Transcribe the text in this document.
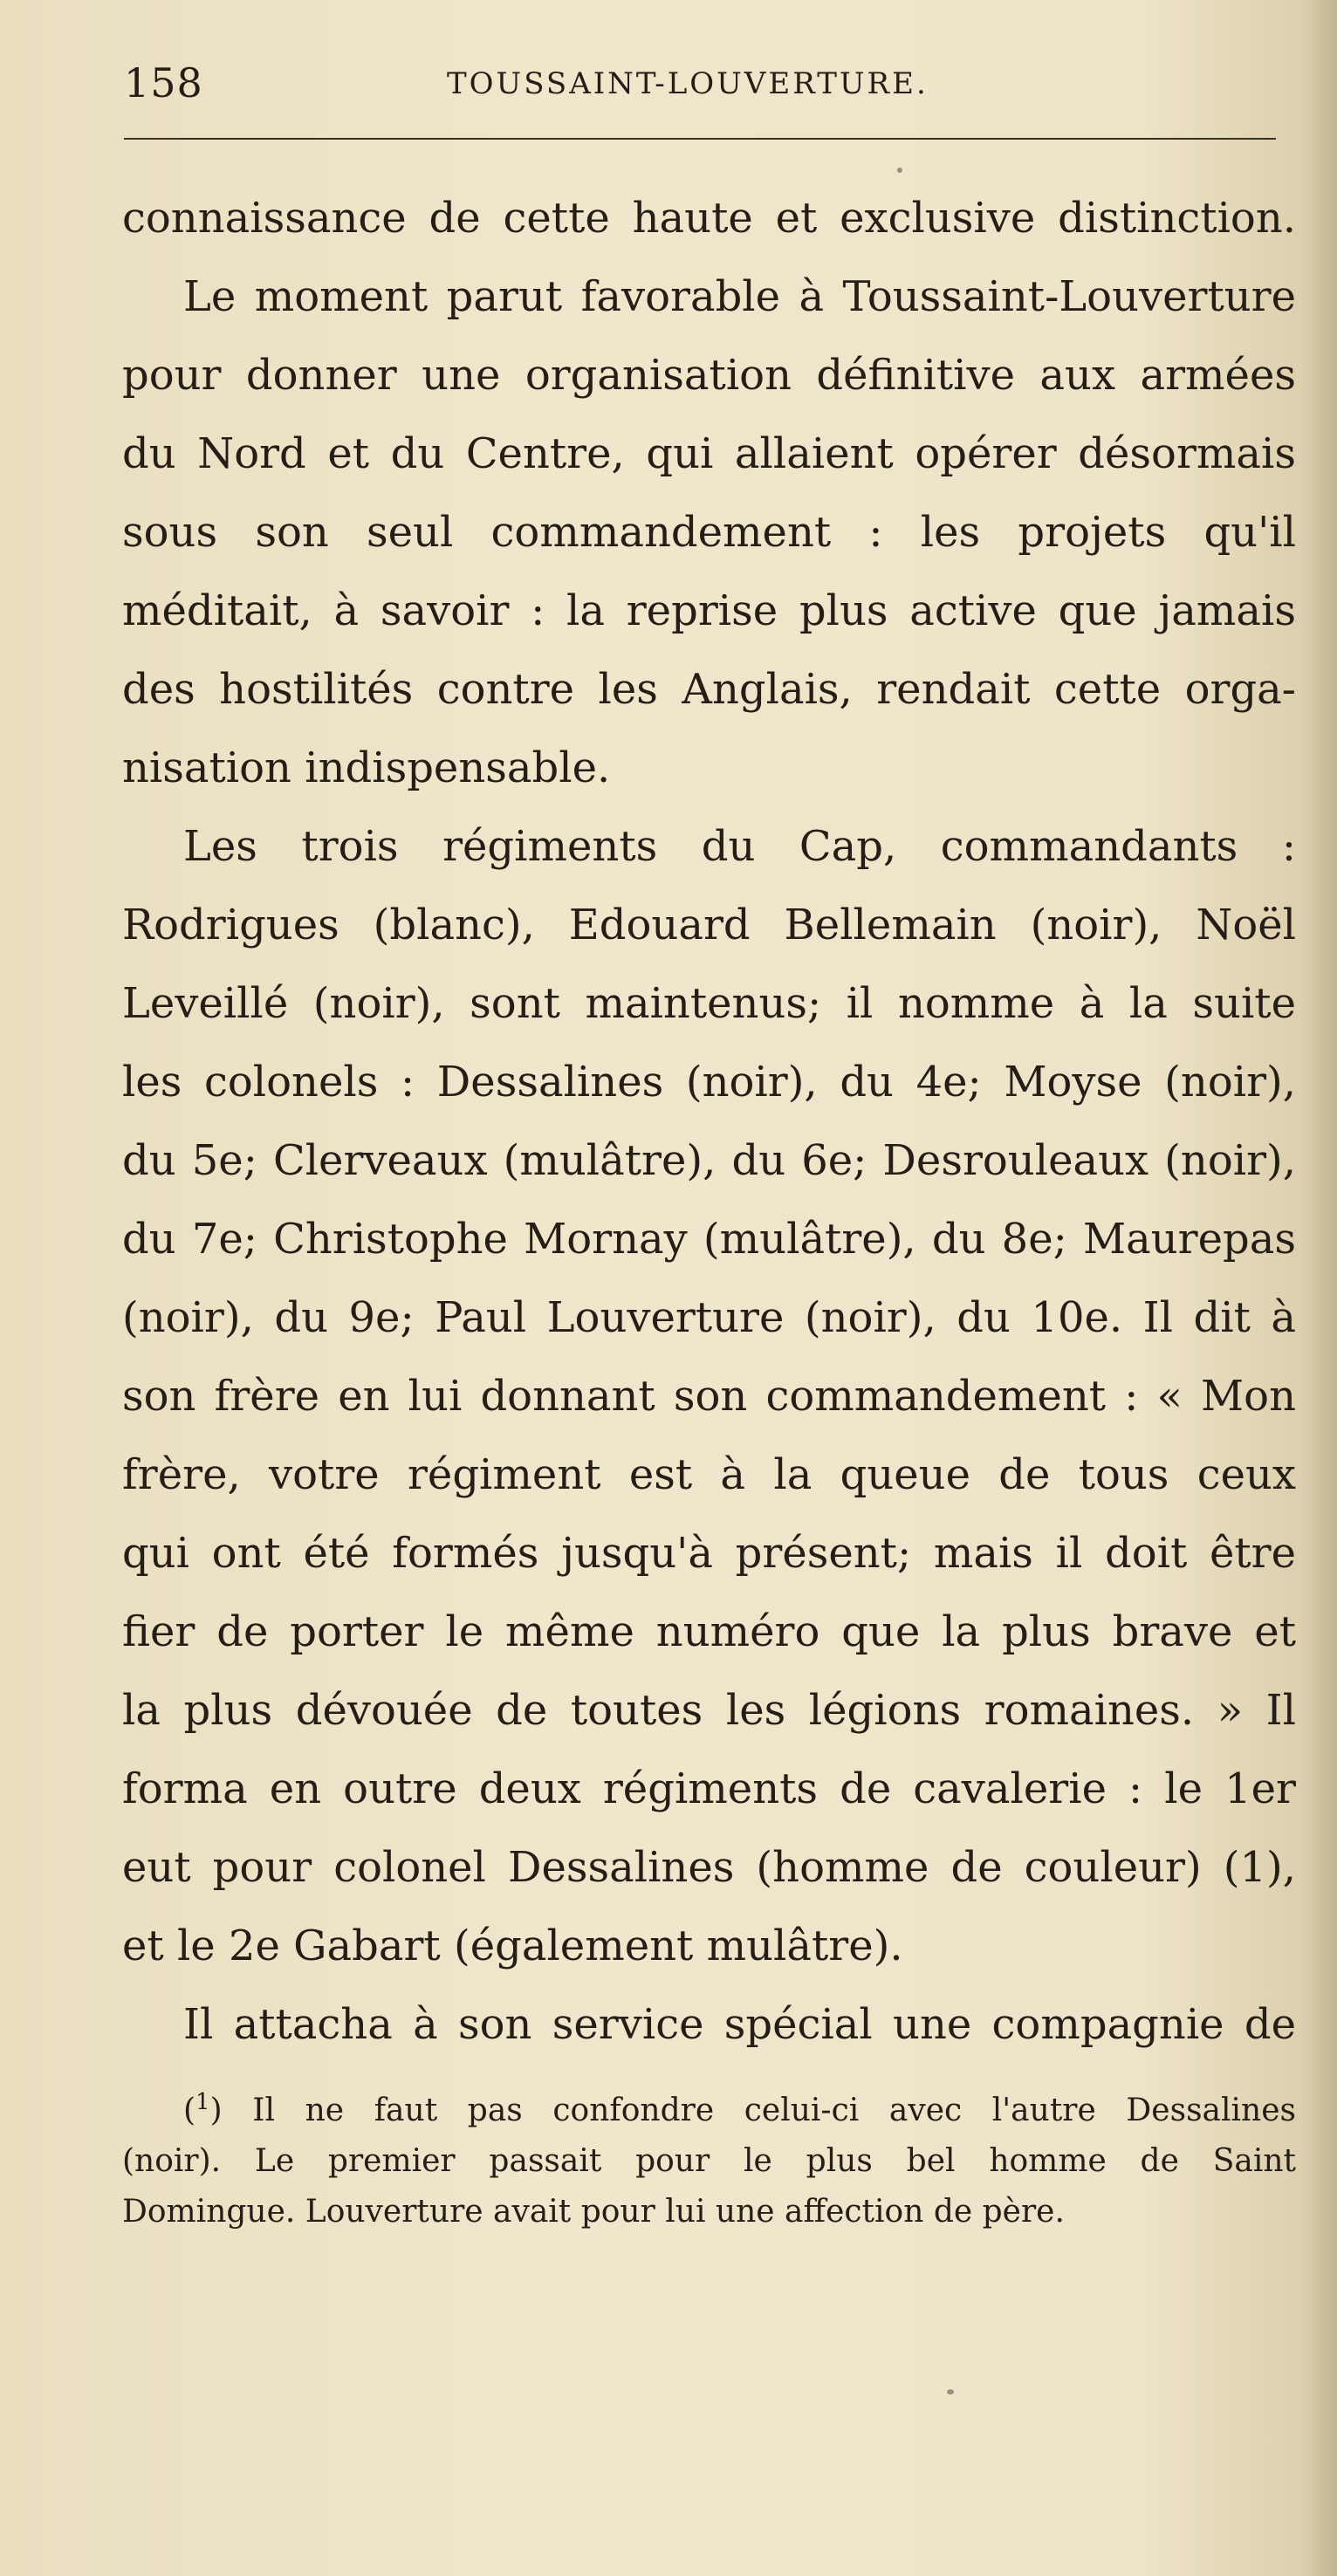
158	TOUSSAINT-LOUVERTURE.
connaissance de cette haute et exclusive distinction.
Le moment parut favorable à Toussaint-Louverture
pour donner une organisation définitive aux armées
du Nord et du Centre, qui allaient opérer désormais
sous son seul commandement : les projets qu'il
méditait, à savoir : la reprise plus active que jamais
des hostilités contre les Anglais, rendait cette orga-
nisation indispensable.
Les trois régiments du Cap, commandants :
Rodrigues (blanc), Edouard Bellemain (noir), Noël
Leveillé (noir), sont maintenus; il nomme à la suite
les colonels : Dessalines (noir), du 4e; Moyse (noir),
du 5e; Clerveaux (mulâtre), du 6e; Desrouleaux (noir),
du 7e; Christophe Mornay (mulâtre), du 8e; Maurepas
(noir), du 9e; Paul Louverture (noir), du 10e. Il dit à
son frère en lui donnant son commandement : « Mon
frère, votre régiment est à la queue de tous ceux
qui ont été formés jusqu'à présent; mais il doit être
fier de porter le même numéro que la plus brave et
la plus dévouée de toutes les légions romaines. » Il
forma en outre deux régiments de cavalerie : le 1er
eut pour colonel Dessalines (homme de couleur) (1),
et le 2e Gabart (également mulâtre).
Il attacha à son service spécial une compagnie de
($^1$) Il ne faut pas confondre celui-ci avec l'autre Dessalines
(noir). Le premier passait pour le plus bel homme de Saint
Domingue. Louverture avait pour lui une affection de père.
